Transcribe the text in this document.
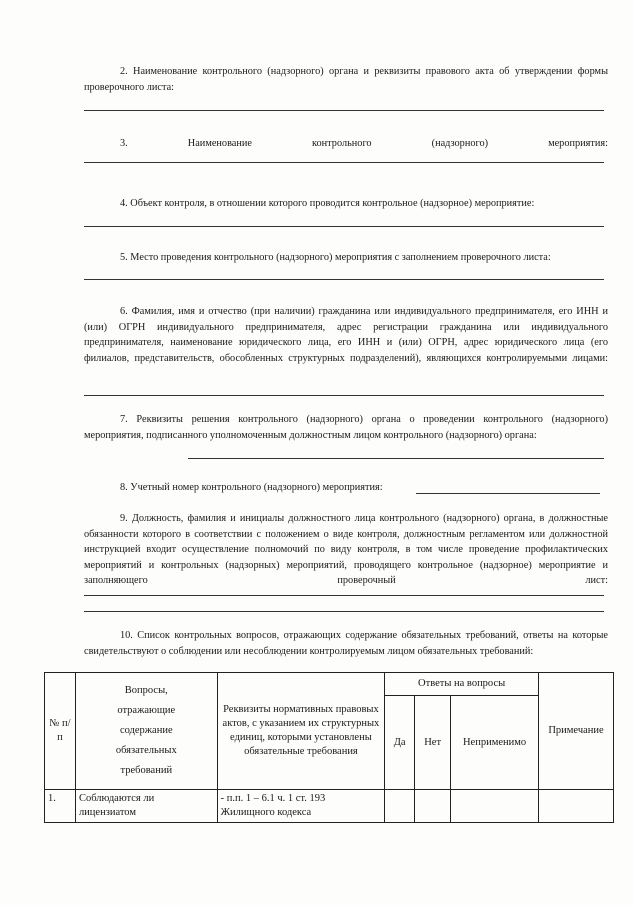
2. Наименование контрольного (надзорного) органа и реквизиты правового акта об утверждении формы проверочного листа:
3. Наименование контрольного (надзорного) мероприятия:
4. Объект контроля, в отношении которого проводится контрольное (надзорное) мероприятие:
5. Место проведения контрольного (надзорного) мероприятия с заполнением проверочного листа:
6. Фамилия, имя и отчество (при наличии) гражданина или индивидуального предпринимателя, его ИНН и (или) ОГРН индивидуального предпринимателя, адрес регистрации гражданина или индивидуального предпринимателя, наименование юридического лица, его ИНН и (или) ОГРН, адрес юридического лица (его филиалов, представительств, обособленных структурных подразделений), являющихся контролируемыми лицами:
7. Реквизиты решения контрольного (надзорного) органа о проведении контрольного (надзорного) мероприятия, подписанного уполномоченным должностным лицом контрольного (надзорного) органа:
8. Учетный номер контрольного (надзорного) мероприятия:
9. Должность, фамилия и инициалы должностного лица контрольного (надзорного) органа, в должностные обязанности которого в соответствии с положением о виде контроля, должностным регламентом или должностной инструкцией входит осуществление полномочий по виду контроля, в том числе проведение профилактических мероприятий и контрольных (надзорных) мероприятий, проводящего контрольное (надзорное) мероприятие и заполняющего проверочный лист:
10. Список контрольных вопросов, отражающих содержание обязательных требований, ответы на которые свидетельствуют о соблюдении или несоблюдении контролируемым лицом обязательных требований:
№ п/п	Вопросы,
отражающие
содержание
обязательных
требований	Реквизиты нормативных правовых актов, с указанием их структурных единиц, которыми установлены обязательные требования	Ответы на вопросы			Примечание
			Да	Нет	Неприменимо	
1.	Соблюдаются ли лицензиатом	- п.п. 1 – 6.1 ч. 1 ст. 193 Жилищного кодекса				
